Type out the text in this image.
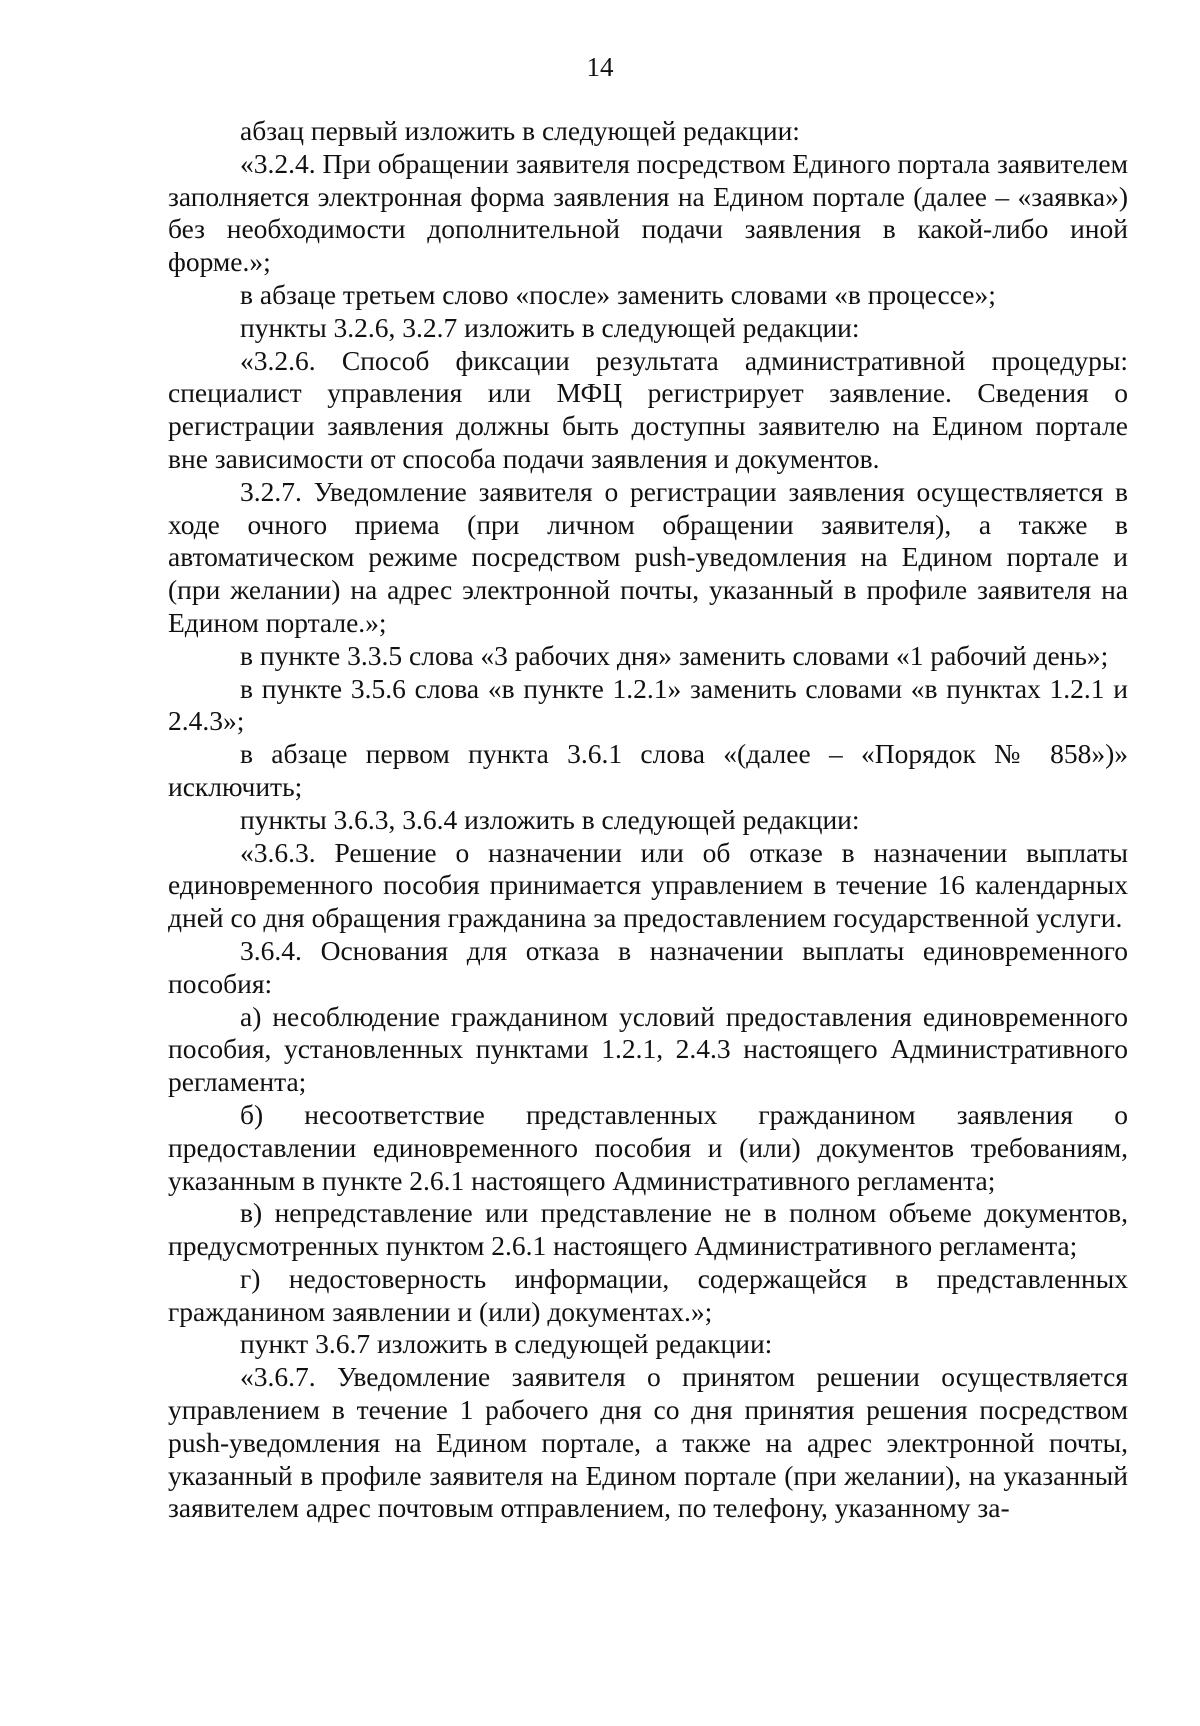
14

абзац первый изложить в следующей редакции:

«3.2.4. При обращении заявителя посредством Единого портала заявителем заполняется электронная форма заявления на Едином портале (далее – «заявка») без необходимости дополнительной подачи заявления в какой-либо иной форме.»;

в абзаце третьем слово «после» заменить словами «в процессе»;

пункты 3.2.6, 3.2.7 изложить в следующей редакции:

«3.2.6. Способ фиксации результата административной процедуры: специалист управления или МФЦ регистрирует заявление. Сведения о регистрации заявления должны быть доступны заявителю на Едином портале вне зависимости от способа подачи заявления и документов.

3.2.7. Уведомление заявителя о регистрации заявления осуществляется в ходе очного приема (при личном обращении заявителя), а также в автоматическом режиме посредством push-уведомления на Едином портале и (при желании) на адрес электронной почты, указанный в профиле заявителя на Едином портале.»;

в пункте 3.3.5 слова «3 рабочих дня» заменить словами «1 рабочий день»;

в пункте 3.5.6 слова «в пункте 1.2.1» заменить словами «в пунктах 1.2.1 и 2.4.3»;

в абзаце первом пункта 3.6.1 слова «(далее – «Порядок № 858»)» исключить;

пункты 3.6.3, 3.6.4 изложить в следующей редакции:

«3.6.3. Решение о назначении или об отказе в назначении выплаты единовременного пособия принимается управлением в течение 16 календарных дней со дня обращения гражданина за предоставлением государственной услуги.

3.6.4. Основания для отказа в назначении выплаты единовременного пособия:

а) несоблюдение гражданином условий предоставления единовременного пособия, установленных пунктами 1.2.1, 2.4.3 настоящего Административного регламента;

б) несоответствие представленных гражданином заявления о предоставлении единовременного пособия и (или) документов требованиям, указанным в пункте 2.6.1 настоящего Административного регламента;

в) непредставление или представление не в полном объеме документов, предусмотренных пунктом 2.6.1 настоящего Административного регламента;

г) недостоверность информации, содержащейся в представленных гражданином заявлении и (или) документах.»;

пункт 3.6.7 изложить в следующей редакции:

«3.6.7. Уведомление заявителя о принятом решении осуществляется управлением в течение 1 рабочего дня со дня принятия решения посредством push-уведомления на Едином портале, а также на адрес электронной почты, указанный в профиле заявителя на Едином портале (при желании), на указанный заявителем адрес почтовым отправлением, по телефону, указанному за-
